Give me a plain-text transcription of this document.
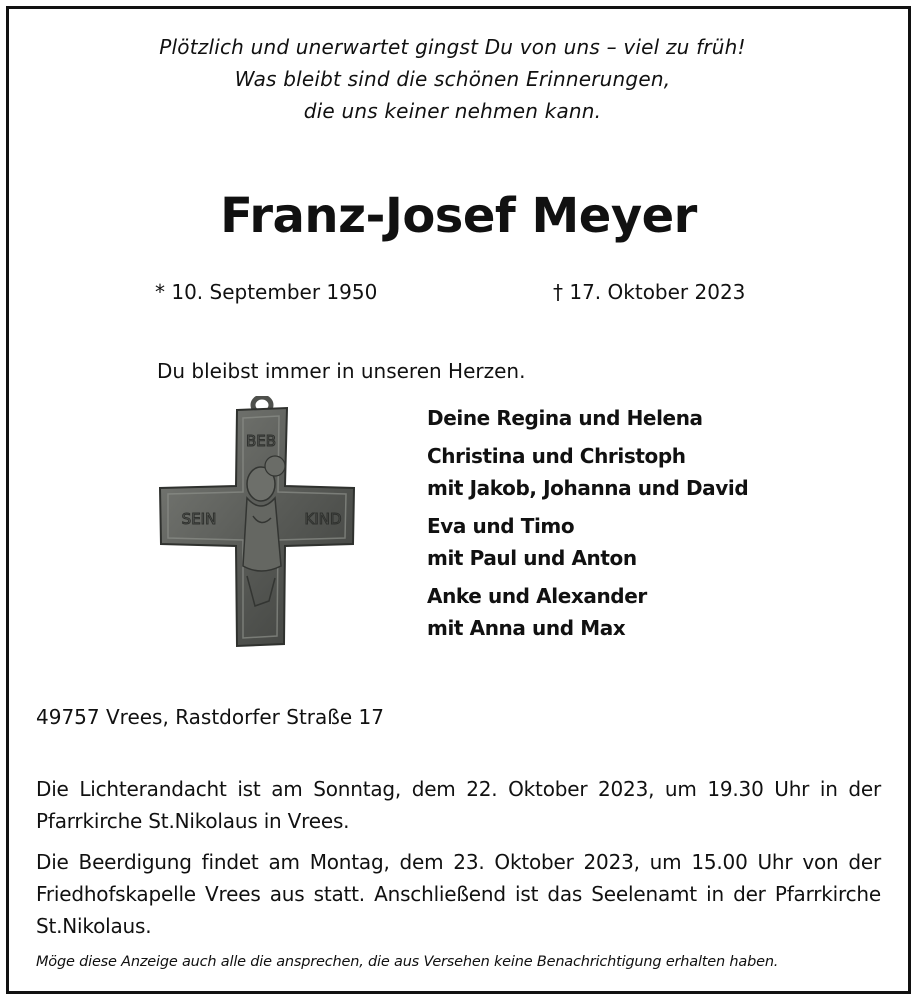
Plötzlich und unerwartet gingst Du von uns – viel zu früh!
Was bleibt sind die schönen Erinnerungen,
die uns keiner nehmen kann.
Franz-Josef Meyer
* 10. September 1950	† 17. Oktober 2023
Du bleibst immer in unseren Herzen.
BEB
SEIN	KIND
Deine Regina und Helena
Christina und Christoph
mit Jakob, Johanna und David
Eva und Timo
mit Paul und Anton
Anke und Alexander
mit Anna und Max
49757 Vrees, Rastdorfer Straße 17
Die Lichterandacht ist am Sonntag, dem 22. Oktober 2023, um 19.30 Uhr in der Pfarrkirche St.Nikolaus in Vrees.
Die Beerdigung findet am Montag, dem 23. Oktober 2023, um 15.00 Uhr von der Friedhofskapelle Vrees aus statt. Anschließend ist das Seelenamt in der Pfarrkirche St.Nikolaus.
Möge diese Anzeige auch alle die ansprechen, die aus Versehen keine Benachrichtigung erhalten haben.
